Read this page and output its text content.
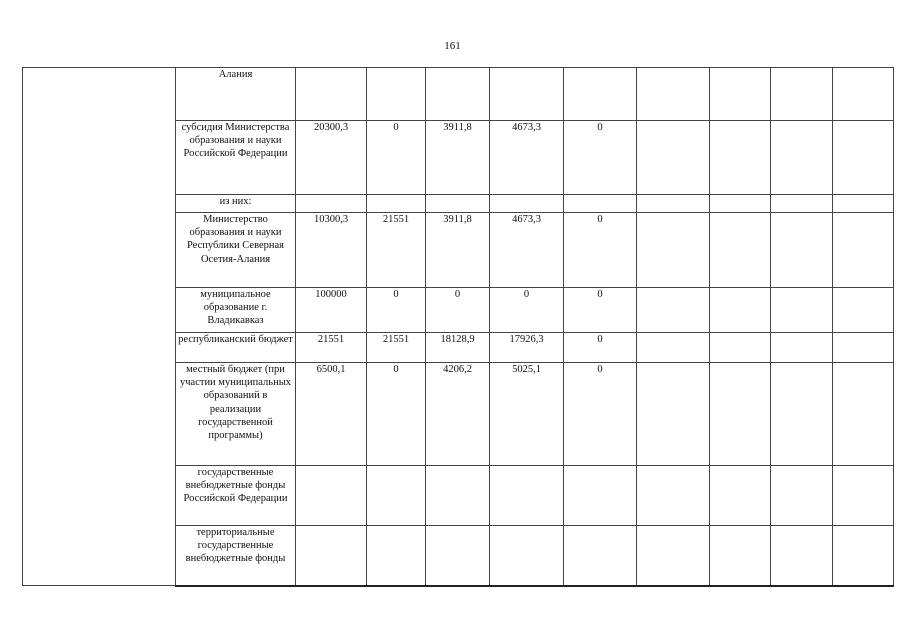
161
	Алания										
	субсидия Министерства образования и науки Российской Федерации	20300,3	0	3911,8	4673,3	0					
	из них:										
	Министерство образования и науки Республики Северная Осетия-Алания	10300,3	21551	3911,8	4673,3	0					
	муниципальное образование г. Владикавказ	100000	0	0	0	0					
	республиканский бюджет	21551	21551	18128,9	17926,3	0					
	местный бюджет (при участии муниципальных образований в реализации государственной программы)	6500,1	0	4206,2	5025,1	0					
	государственные внебюджетные фонды Российской Федерации										
	территориальные государственные внебюджетные фонды										
